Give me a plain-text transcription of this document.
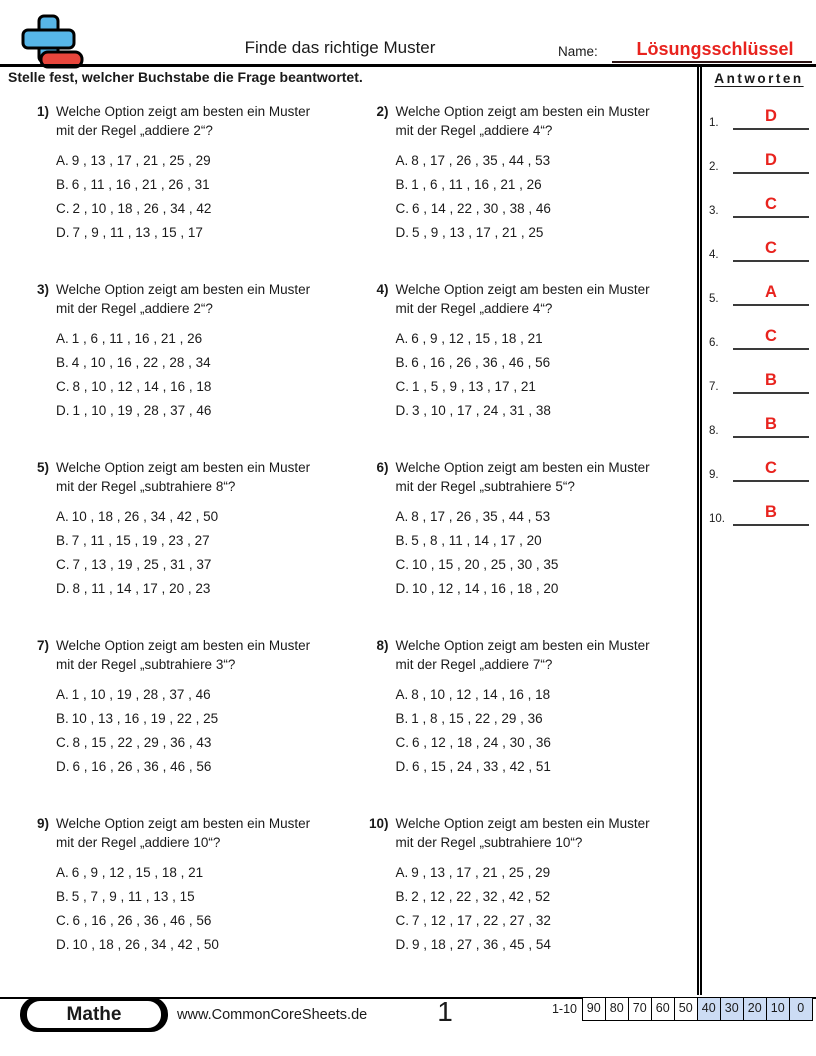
Finde das richtige Muster	Name:	Lösungsschlüssel
Stelle fest, welcher Buchstabe die Frage beantwortet.
1) Welche Option zeigt am besten ein Muster
mit der Regel „addiere 2“?
A. 9 , 13 , 17 , 21 , 25 , 29
B. 6 , 11 , 16 , 21 , 26 , 31
C. 2 , 10 , 18 , 26 , 34 , 42
D. 7 , 9 , 11 , 13 , 15 , 17
2) Welche Option zeigt am besten ein Muster
mit der Regel „addiere 4“?
A. 8 , 17 , 26 , 35 , 44 , 53
B. 1 , 6 , 11 , 16 , 21 , 26
C. 6 , 14 , 22 , 30 , 38 , 46
D. 5 , 9 , 13 , 17 , 21 , 25
3) Welche Option zeigt am besten ein Muster
mit der Regel „addiere 2“?
A. 1 , 6 , 11 , 16 , 21 , 26
B. 4 , 10 , 16 , 22 , 28 , 34
C. 8 , 10 , 12 , 14 , 16 , 18
D. 1 , 10 , 19 , 28 , 37 , 46
4) Welche Option zeigt am besten ein Muster
mit der Regel „addiere 4“?
A. 6 , 9 , 12 , 15 , 18 , 21
B. 6 , 16 , 26 , 36 , 46 , 56
C. 1 , 5 , 9 , 13 , 17 , 21
D. 3 , 10 , 17 , 24 , 31 , 38
5) Welche Option zeigt am besten ein Muster
mit der Regel „subtrahiere 8“?
A. 10 , 18 , 26 , 34 , 42 , 50
B. 7 , 11 , 15 , 19 , 23 , 27
C. 7 , 13 , 19 , 25 , 31 , 37
D. 8 , 11 , 14 , 17 , 20 , 23
6) Welche Option zeigt am besten ein Muster
mit der Regel „subtrahiere 5“?
A. 8 , 17 , 26 , 35 , 44 , 53
B. 5 , 8 , 11 , 14 , 17 , 20
C. 10 , 15 , 20 , 25 , 30 , 35
D. 10 , 12 , 14 , 16 , 18 , 20
7) Welche Option zeigt am besten ein Muster
mit der Regel „subtrahiere 3“?
A. 1 , 10 , 19 , 28 , 37 , 46
B. 10 , 13 , 16 , 19 , 22 , 25
C. 8 , 15 , 22 , 29 , 36 , 43
D. 6 , 16 , 26 , 36 , 46 , 56
8) Welche Option zeigt am besten ein Muster
mit der Regel „addiere 7“?
A. 8 , 10 , 12 , 14 , 16 , 18
B. 1 , 8 , 15 , 22 , 29 , 36
C. 6 , 12 , 18 , 24 , 30 , 36
D. 6 , 15 , 24 , 33 , 42 , 51
9) Welche Option zeigt am besten ein Muster
mit der Regel „addiere 10“?
A. 6 , 9 , 12 , 15 , 18 , 21
B. 5 , 7 , 9 , 11 , 13 , 15
C. 6 , 16 , 26 , 36 , 46 , 56
D. 10 , 18 , 26 , 34 , 42 , 50
10) Welche Option zeigt am besten ein Muster
mit der Regel „subtrahiere 10“?
A. 9 , 13 , 17 , 21 , 25 , 29
B. 2 , 12 , 22 , 32 , 42 , 52
C. 7 , 12 , 17 , 22 , 27 , 32
D. 9 , 18 , 27 , 36 , 45 , 54
Antworten
1.	D
2.	D
3.	C
4.	C
5.	A
6.	C
7.	B
8.	B
9.	C
10.	B
Mathe	www.CommonCoreSheets.de	1	1-10 90 80 70 60 50 40 30 20 10	0
